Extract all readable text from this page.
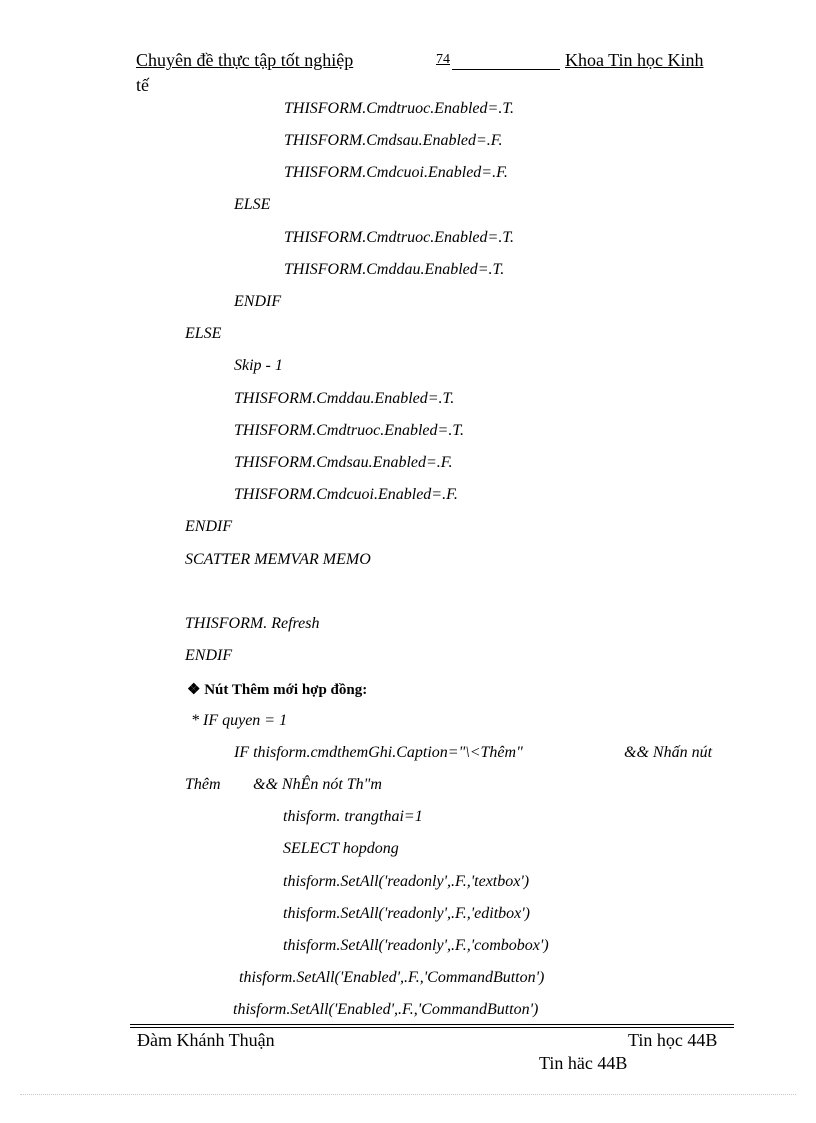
Chuyên đề thực tập tốt nghiệp	74	Khoa Tin học Kinh
tế
THISFORM.Cmdtruoc.Enabled=.T.
THISFORM.Cmdsau.Enabled=.F.
THISFORM.Cmdcuoi.Enabled=.F.
ELSE
THISFORM.Cmdtruoc.Enabled=.T.
THISFORM.Cmddau.Enabled=.T.
ENDIF
ELSE
Skip - 1
THISFORM.Cmddau.Enabled=.T.
THISFORM.Cmdtruoc.Enabled=.T.
THISFORM.Cmdsau.Enabled=.F.
THISFORM.Cmdcuoi.Enabled=.F.
ENDIF
SCATTER MEMVAR MEMO
THISFORM. Refresh
ENDIF
❖ Nút Thêm mới hợp đồng:
* IF quyen = 1
IF thisform.cmdthemGhi.Caption="\<Thêm"	&& Nhấn nút
Thêm && NhÊn nót Th"m
thisform. trangthai=1
SELECT hopdong
thisform.SetAll('readonly',.F.,'textbox')
thisform.SetAll('readonly',.F.,'editbox')
thisform.SetAll('readonly',.F.,'combobox')
thisform.SetAll('Enabled',.F.,'CommandButton')
thisform.SetAll('Enabled',.F.,'CommandButton')
Đàm Khánh Thuận	Tin học 44B
Tin häc 44B
